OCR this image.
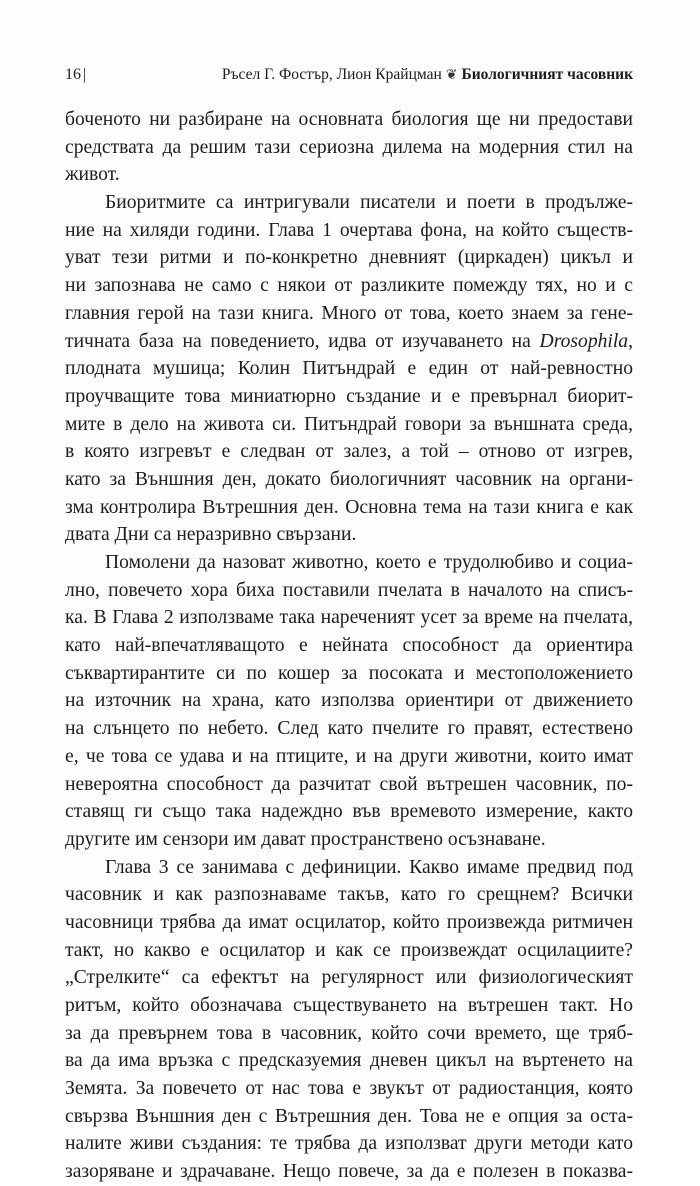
16 |	Ръсел Г. Фостър, Лион Крайцман ❦ Биологичният часовник

боченото ни разбиране на основната биология ще ни предостави
средствата да решим тази сериозна дилема на модерния стил на
живот.

Биоритмите са интригували писатели и поети в продълже-
ние на хиляди години. Глава 1 очертава фона, на който съществ-
уват тези ритми и по-конкретно дневният (циркаден) цикъл и
ни запознава не само с някои от разликите помежду тях, но и с
главния герой на тази книга. Много от това, което знаем за гене-
тичната база на поведението, идва от изучаването на Drosophila,
плодната мушица; Колин Питъндрай е един от най-ревностно
проучващите това миниатюрно създание и е превърнал биорит-
мите в дело на живота си. Питъндрай говори за външната среда,
в която изгревът е следван от залез, а той – отново от изгрев,
като за Външния ден, докато биологичният часовник на органи-
зма контролира Вътрешния ден. Основна тема на тази книга е как
двата Дни са неразривно свързани.

Помолени да назоват животно, което е трудолюбиво и социа-
лно, повечето хора биха поставили пчелата в началото на списъ-
ка. В Глава 2 използваме така нареченият усет за време на пчелата,
като най-впечатляващото е нейната способност да ориентира
съквартирантите си по кошер за посоката и местоположението
на източник на храна, като използва ориентири от движението
на слънцето по небето. След като пчелите го правят, естествено
е, че това се удава и на птиците, и на други животни, които имат
невероятна способност да разчитат свой вътрешен часовник, по-
ставящ ги също така надеждно във времевото измерение, както
другите им сензори им дават пространствено осъзнаване.

Глава 3 се занимава с дефиниции. Какво имаме предвид под
часовник и как разпознаваме такъв, като го срещнем? Всички
часовници трябва да имат осцилатор, който произвежда ритмичен
такт, но какво е осцилатор и как се произвеждат осцилациите?
„Стрелките“ са ефектът на регулярност или физиологическият
ритъм, който обозначава съществуването на вътрешен такт. Но
за да превърнем това в часовник, който сочи времето, ще тряб-
ва да има връзка с предсказуемия дневен цикъл на въртенето на
Земята. За повечето от нас това е звукът от радиостанция, която
свързва Външния ден с Вътрешния ден. Това не е опция за оста-
налите живи създания: те трябва да използват други методи като
зазоряване и здрачаване. Нещо повече, за да е полезен в показва-
